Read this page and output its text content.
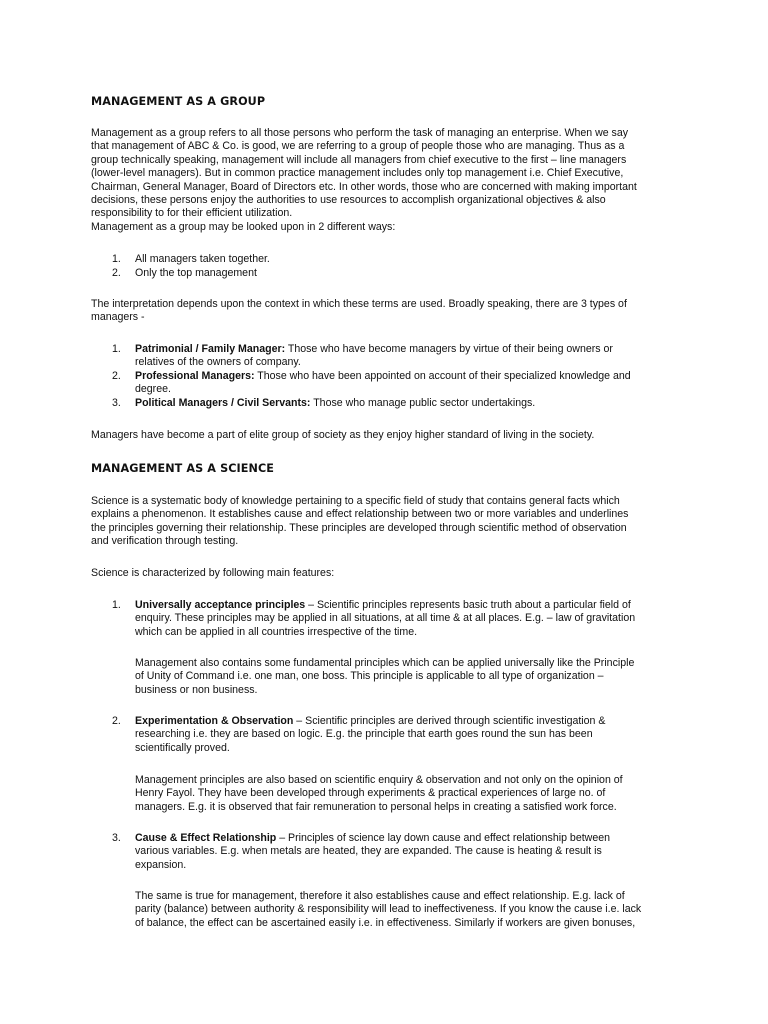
MANAGEMENT AS A GROUP

Management as a group refers to all those persons who perform the task of managing an enterprise. When we say

that management of ABC & Co. is good, we are referring to a group of people those who are managing. Thus as a

group technically speaking, management will include all managers from chief executive to the first – line managers

(lower-level managers). But in common practice management includes only top management i.e. Chief Executive,

Chairman, General Manager, Board of Directors etc. In other words, those who are concerned with making important

decisions, these persons enjoy the authorities to use resources to accomplish organizational objectives & also

responsibility to for their efficient utilization.

Management as a group may be looked upon in 2 different ways:

1. All managers taken together.
2. Only the top management

The interpretation depends upon the context in which these terms are used. Broadly speaking, there are 3 types of

managers -

1. Patrimonial / Family Manager: Those who have become managers by virtue of their being owners or
relatives of the owners of company.
2. Professional Managers: Those who have been appointed on account of their specialized knowledge and
degree.
3. Political Managers / Civil Servants: Those who manage public sector undertakings.

Managers have become a part of elite group of society as they enjoy higher standard of living in the society.

MANAGEMENT AS A SCIENCE

Science is a systematic body of knowledge pertaining to a specific field of study that contains general facts which

explains a phenomenon. It establishes cause and effect relationship between two or more variables and underlines

the principles governing their relationship. These principles are developed through scientific method of observation

and verification through testing.

Science is characterized by following main features:

1. Universally acceptance principles – Scientific principles represents basic truth about a particular field of
enquiry. These principles may be applied in all situations, at all time & at all places. E.g. – law of gravitation
which can be applied in all countries irrespective of the time.
Management also contains some fundamental principles which can be applied universally like the Principle
of Unity of Command i.e. one man, one boss. This principle is applicable to all type of organization –
business or non business.
2. Experimentation & Observation – Scientific principles are derived through scientific investigation &
researching i.e. they are based on logic. E.g. the principle that earth goes round the sun has been
scientifically proved.
Management principles are also based on scientific enquiry & observation and not only on the opinion of
Henry Fayol. They have been developed through experiments & practical experiences of large no. of
managers. E.g. it is observed that fair remuneration to personal helps in creating a satisfied work force.
3. Cause & Effect Relationship – Principles of science lay down cause and effect relationship between
various variables. E.g. when metals are heated, they are expanded. The cause is heating & result is
expansion.
The same is true for management, therefore it also establishes cause and effect relationship. E.g. lack of
parity (balance) between authority & responsibility will lead to ineffectiveness. If you know the cause i.e. lack
of balance, the effect can be ascertained easily i.e. in effectiveness. Similarly if workers are given bonuses,
